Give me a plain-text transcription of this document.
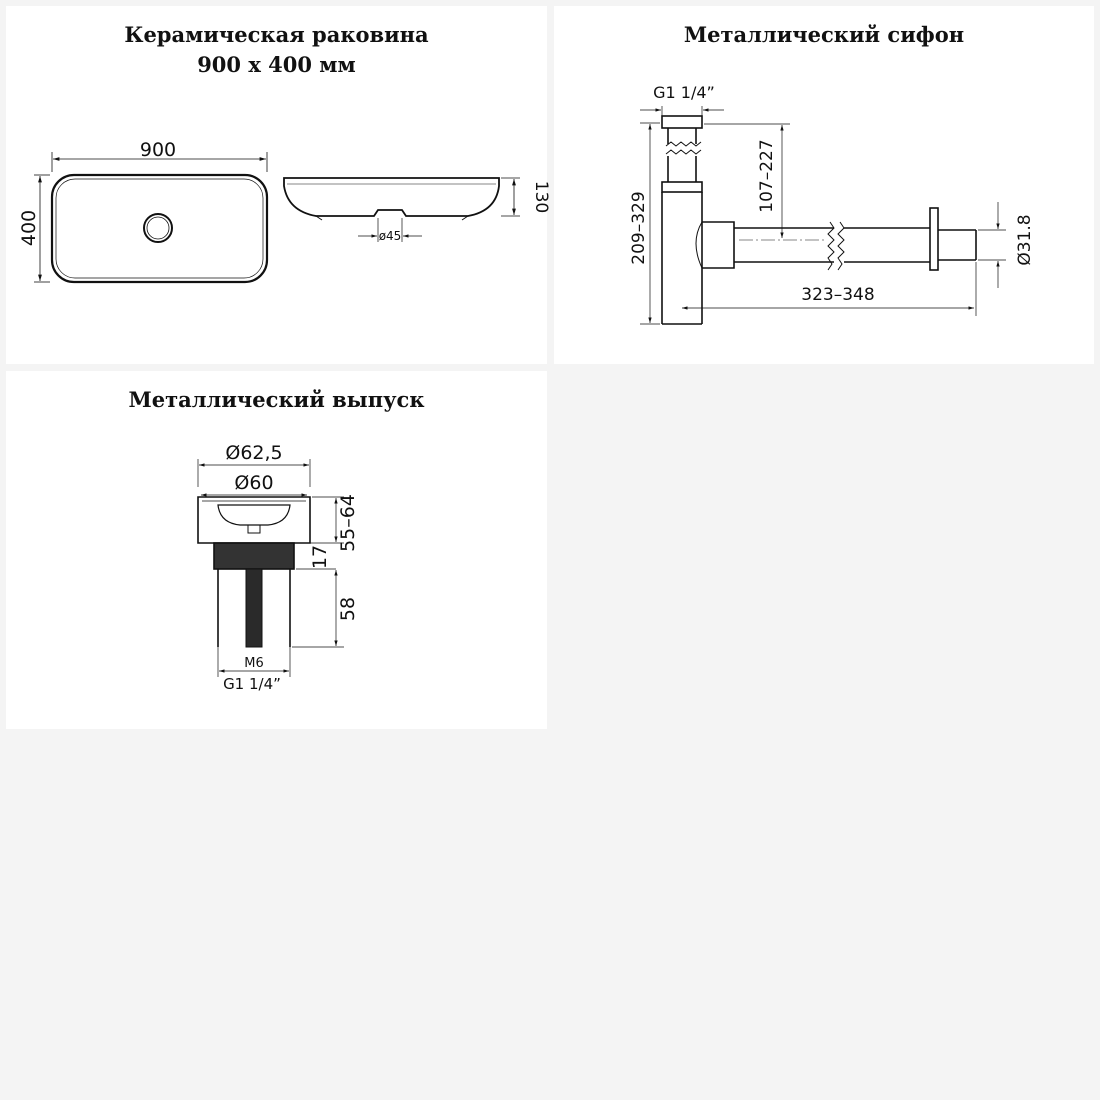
Керамическая раковина
900 x 400 мм
900
400
130
ø45
Металлический сифон
G1 1/4”
209–329
107–227
323–348
Ø31.8
Металлический выпуск
Ø62,5
Ø60
55–64
17
58
M6
G1 1/4”
